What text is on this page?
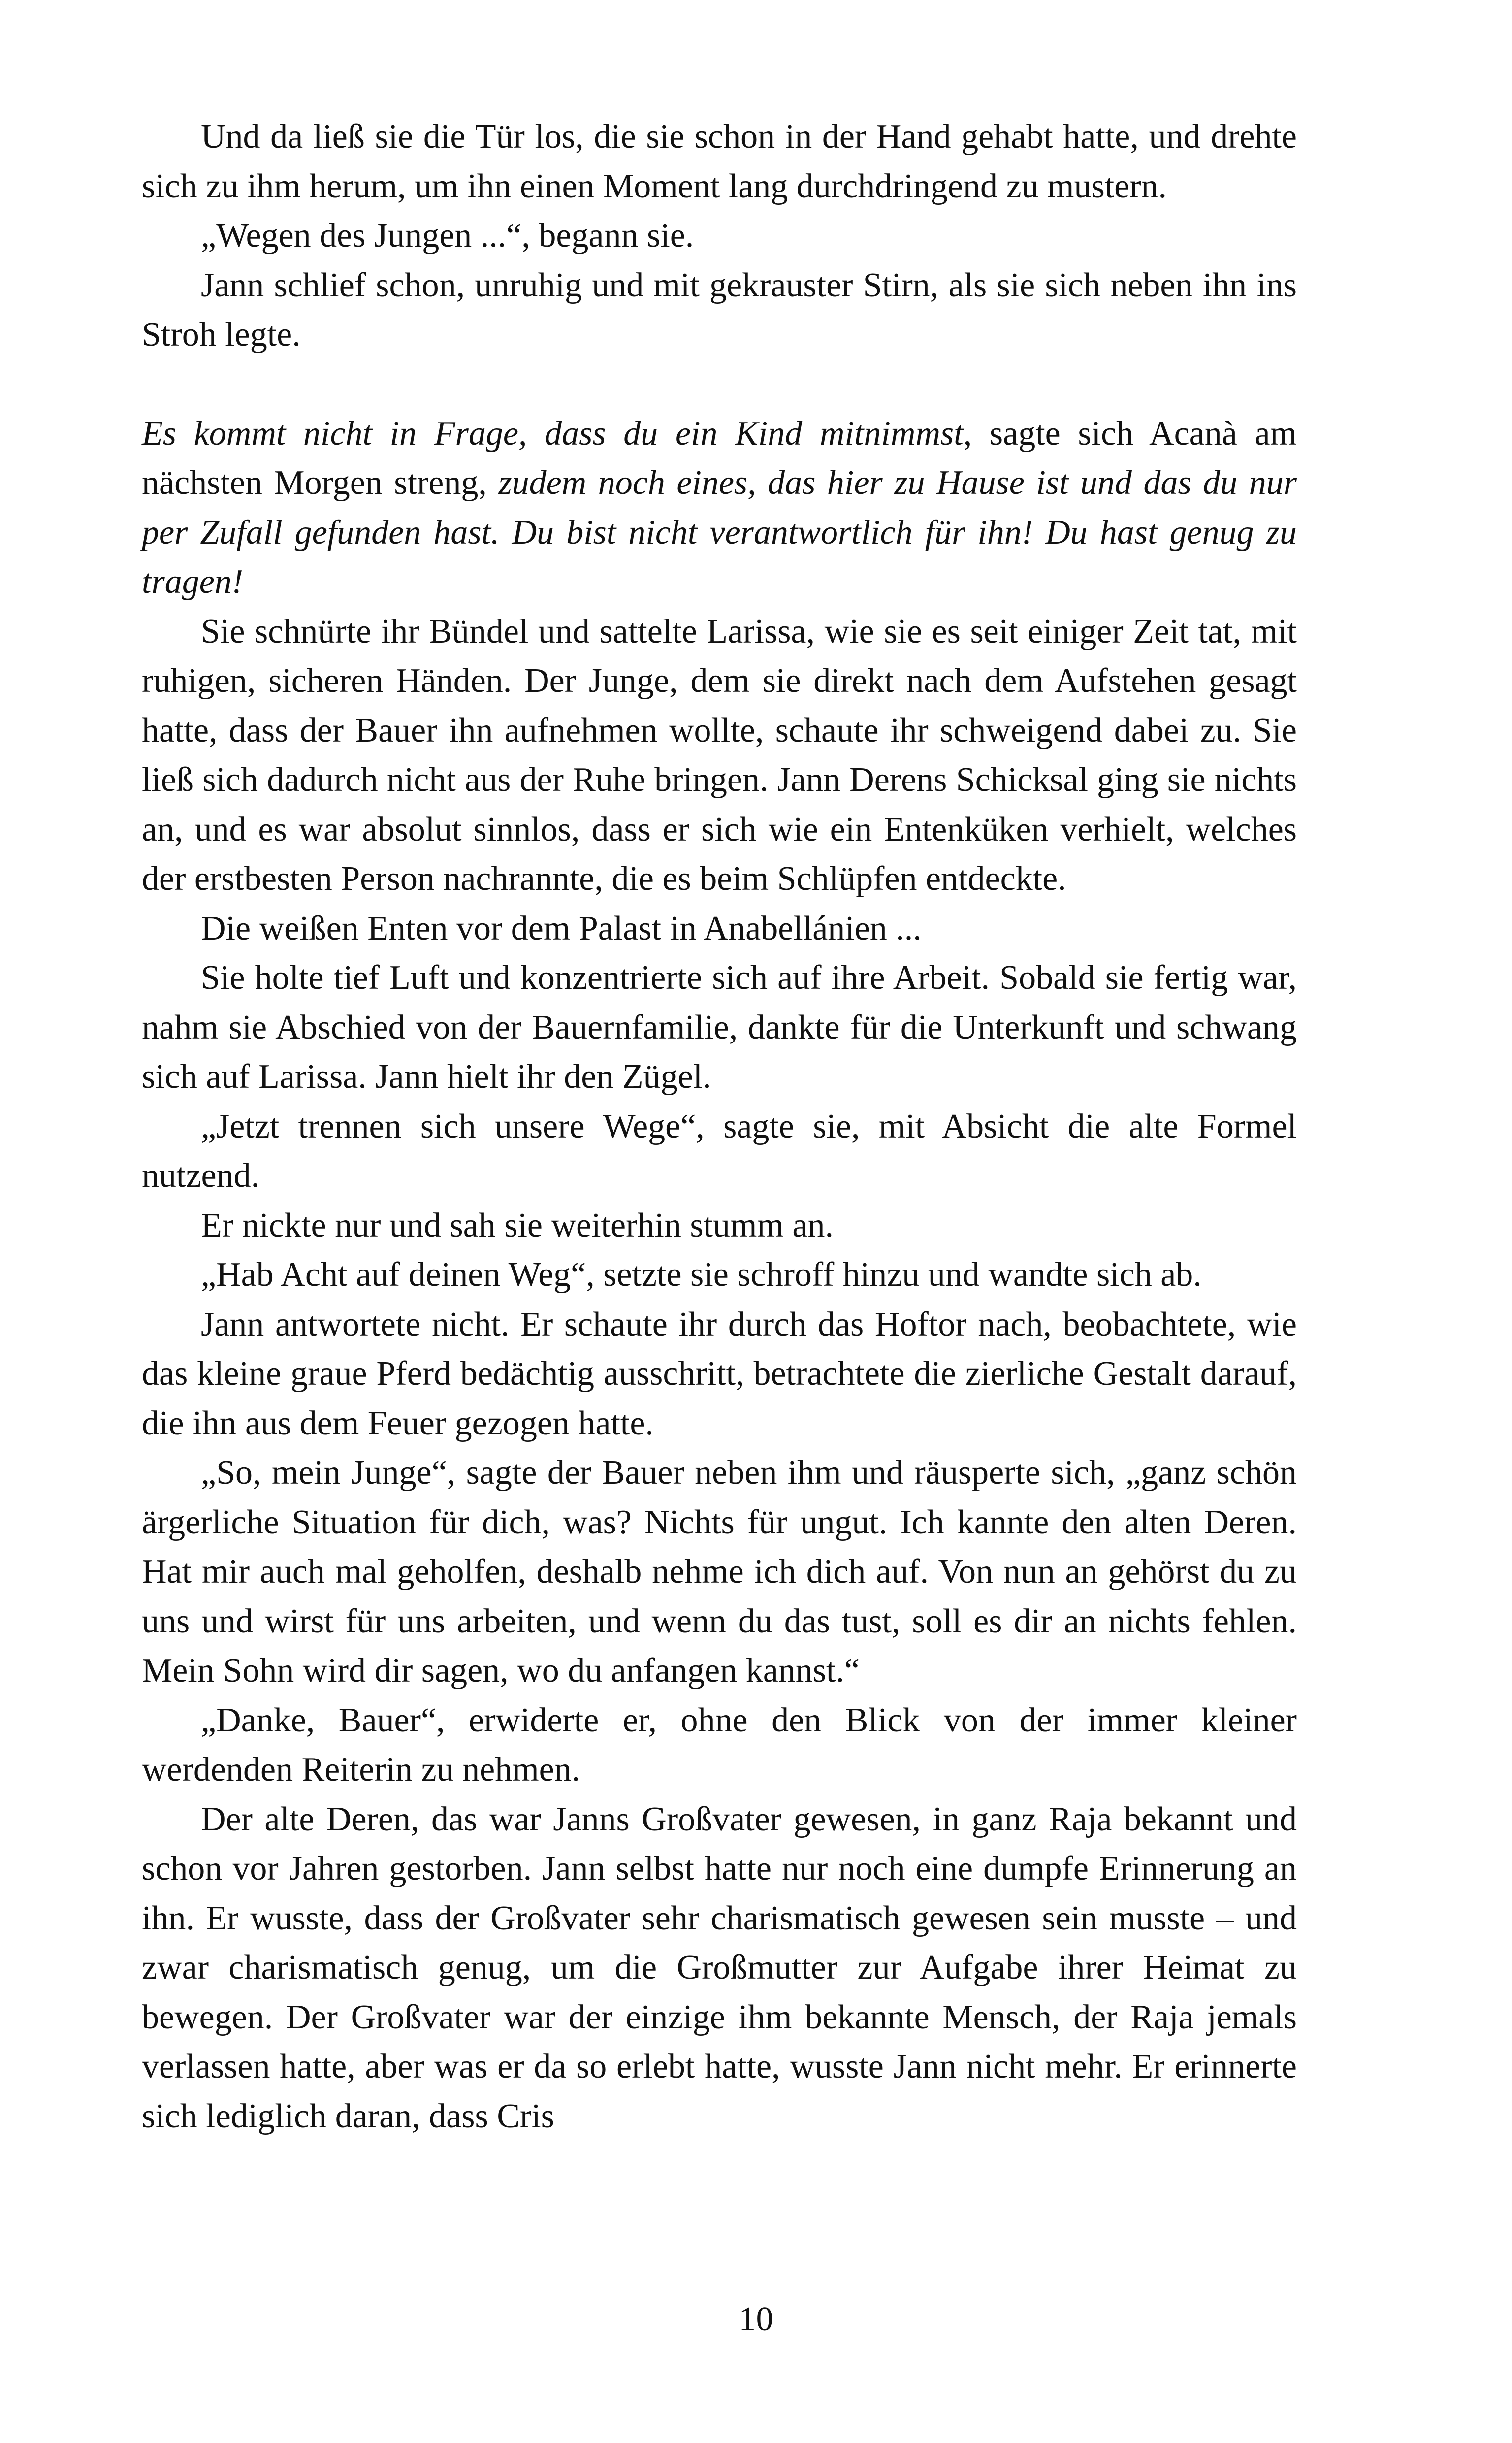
Und da ließ sie die Tür los, die sie schon in der Hand gehabt hatte, und drehte sich zu ihm herum, um ihn einen Moment lang durchdringend zu mustern.

„Wegen des Jungen ...“, begann sie.

Jann schlief schon, unruhig und mit gekrauster Stirn, als sie sich neben ihn ins Stroh legte.

Es kommt nicht in Frage, dass du ein Kind mitnimmst, sagte sich Acanà am nächsten Morgen streng, zudem noch eines, das hier zu Hause ist und das du nur per Zufall gefunden hast. Du bist nicht verantwortlich für ihn! Du hast genug zu tragen!

Sie schnürte ihr Bündel und sattelte Larissa, wie sie es seit einiger Zeit tat, mit ruhigen, sicheren Händen. Der Junge, dem sie direkt nach dem Aufstehen gesagt hatte, dass der Bauer ihn aufnehmen wollte, schaute ihr schweigend dabei zu. Sie ließ sich dadurch nicht aus der Ruhe bringen. Jann Derens Schicksal ging sie nichts an, und es war absolut sinnlos, dass er sich wie ein Entenküken verhielt, welches der erstbesten Person nachrannte, die es beim Schlüpfen entdeckte.

Die weißen Enten vor dem Palast in Anabellánien ...

Sie holte tief Luft und konzentrierte sich auf ihre Arbeit. Sobald sie fertig war, nahm sie Abschied von der Bauernfamilie, dankte für die Unterkunft und schwang sich auf Larissa. Jann hielt ihr den Zügel.

„Jetzt trennen sich unsere Wege“, sagte sie, mit Absicht die alte Formel nutzend.

Er nickte nur und sah sie weiterhin stumm an.

„Hab Acht auf deinen Weg“, setzte sie schroff hinzu und wandte sich ab.

Jann antwortete nicht. Er schaute ihr durch das Hoftor nach, beobachtete, wie das kleine graue Pferd bedächtig ausschritt, betrachtete die zierliche Gestalt darauf, die ihn aus dem Feuer gezogen hatte.

„So, mein Junge“, sagte der Bauer neben ihm und räusperte sich, „ganz schön ärgerliche Situation für dich, was? Nichts für ungut. Ich kannte den alten Deren. Hat mir auch mal geholfen, deshalb nehme ich dich auf. Von nun an gehörst du zu uns und wirst für uns arbeiten, und wenn du das tust, soll es dir an nichts fehlen. Mein Sohn wird dir sagen, wo du anfangen kannst.“

„Danke, Bauer“, erwiderte er, ohne den Blick von der immer kleiner werdenden Reiterin zu nehmen.

Der alte Deren, das war Janns Großvater gewesen, in ganz Raja bekannt und schon vor Jahren gestorben. Jann selbst hatte nur noch eine dumpfe Erinnerung an ihn. Er wusste, dass der Großvater sehr charismatisch gewesen sein musste – und zwar charismatisch genug, um die Großmutter zur Aufgabe ihrer Heimat zu bewegen. Der Großvater war der einzige ihm bekannte Mensch, der Raja jemals verlassen hatte, aber was er da so erlebt hatte, wusste Jann nicht mehr. Er erinnerte sich lediglich daran, dass Cris

10
